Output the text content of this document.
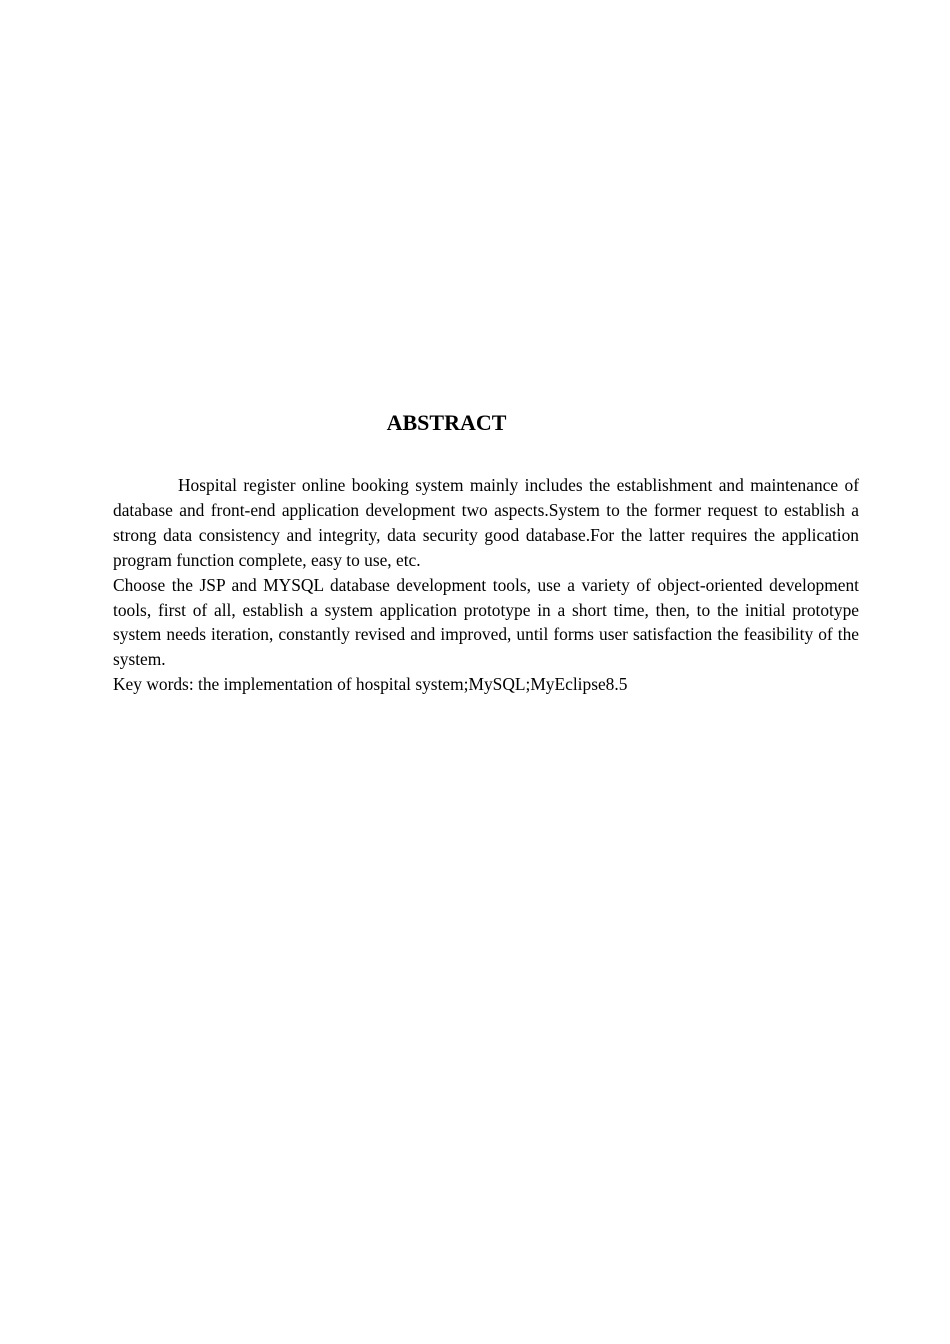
ABSTRACT

Hospital register online booking system mainly includes the establishment and maintenance of database and front-end application development two aspects.System to the former request to establish a strong data consistency and integrity, data security good database.For the latter requires the application program function complete, easy to use, etc.

Choose the JSP and MYSQL database development tools, use a variety of object-oriented development tools, first of all, establish a system application prototype in a short time, then, to the initial prototype system needs iteration, constantly revised and improved, until forms user satisfaction the feasibility of the system.

Key words: the implementation of hospital system;MySQL;MyEclipse8.5
